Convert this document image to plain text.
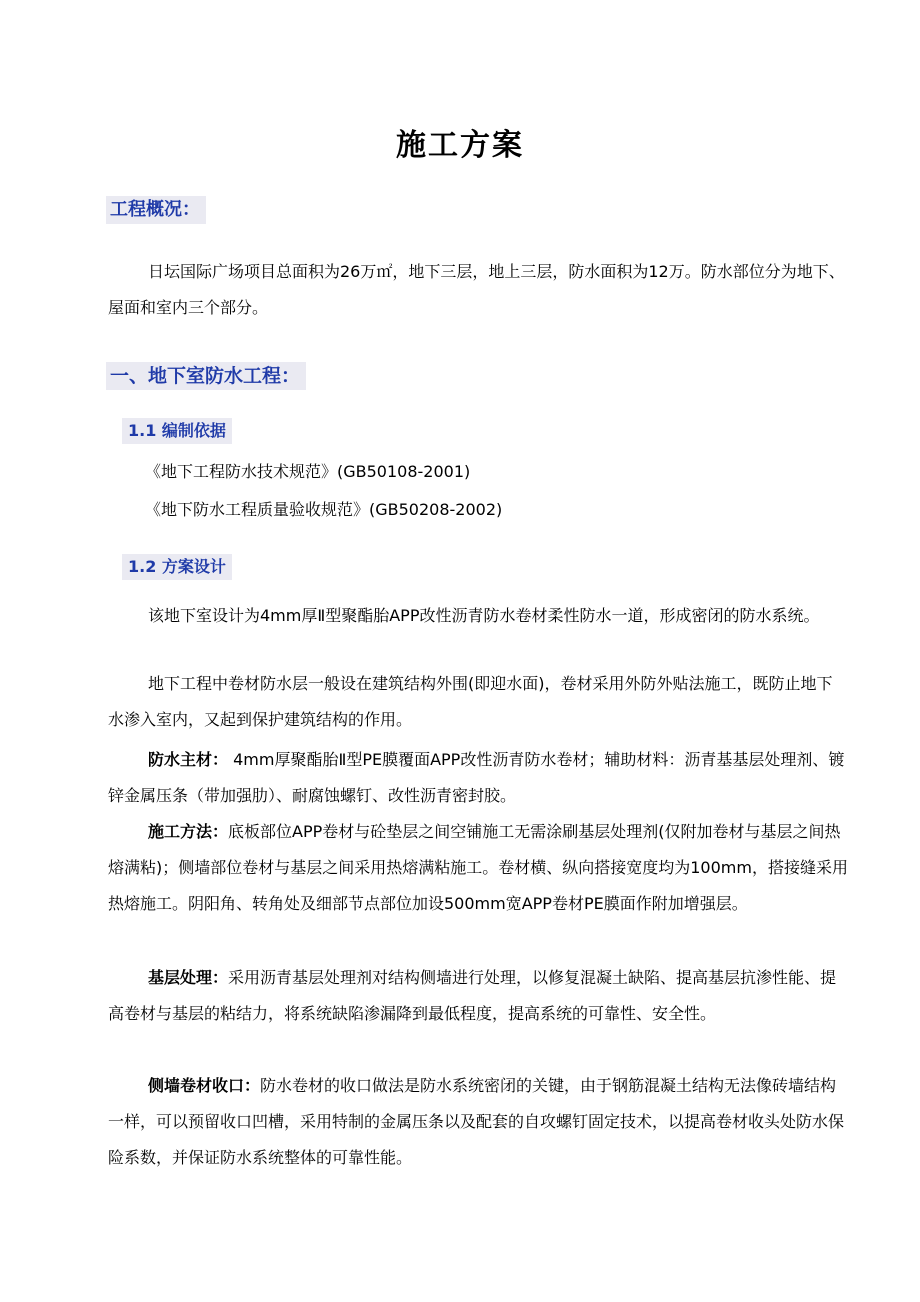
施工方案
工程概况：

日坛国际广场项目总面积为26万㎡，地下三层，地上三层，防水面积为12万。防水部位分为地下、屋面和室内三个部分。

一、地下室防水工程：
1.1 编制依据
《地下工程防水技术规范》(GB50108-2001)
《地下防水工程质量验收规范》(GB50208-2002)
1.2 方案设计

该地下室设计为4mm厚Ⅱ型聚酯胎APP改性沥青防水卷材柔性防水一道，形成密闭的防水系统。

地下工程中卷材防水层一般设在建筑结构外围(即迎水面)，卷材采用外防外贴法施工，既防止地下水渗入室内，又起到保护建筑结构的作用。

防水主材： 4mm厚聚酯胎Ⅱ型PE膜覆面APP改性沥青防水卷材；辅助材料：沥青基基层处理剂、镀锌金属压条（带加强肋）、耐腐蚀螺钉、改性沥青密封胶。

施工方法：底板部位APP卷材与砼垫层之间空铺施工无需涂刷基层处理剂(仅附加卷材与基层之间热熔满粘)；侧墙部位卷材与基层之间采用热熔满粘施工。卷材横、纵向搭接宽度均为100mm，搭接缝采用热熔施工。阴阳角、转角处及细部节点部位加设500mm宽APP卷材PE膜面作附加增强层。

基层处理：采用沥青基层处理剂对结构侧墙进行处理，以修复混凝土缺陷、提高基层抗渗性能、提高卷材与基层的粘结力，将系统缺陷渗漏降到最低程度，提高系统的可靠性、安全性。

侧墙卷材收口：防水卷材的收口做法是防水系统密闭的关键，由于钢筋混凝土结构无法像砖墙结构一样，可以预留收口凹槽，采用特制的金属压条以及配套的自攻螺钉固定技术，以提高卷材收头处防水保险系数，并保证防水系统整体的可靠性能。
